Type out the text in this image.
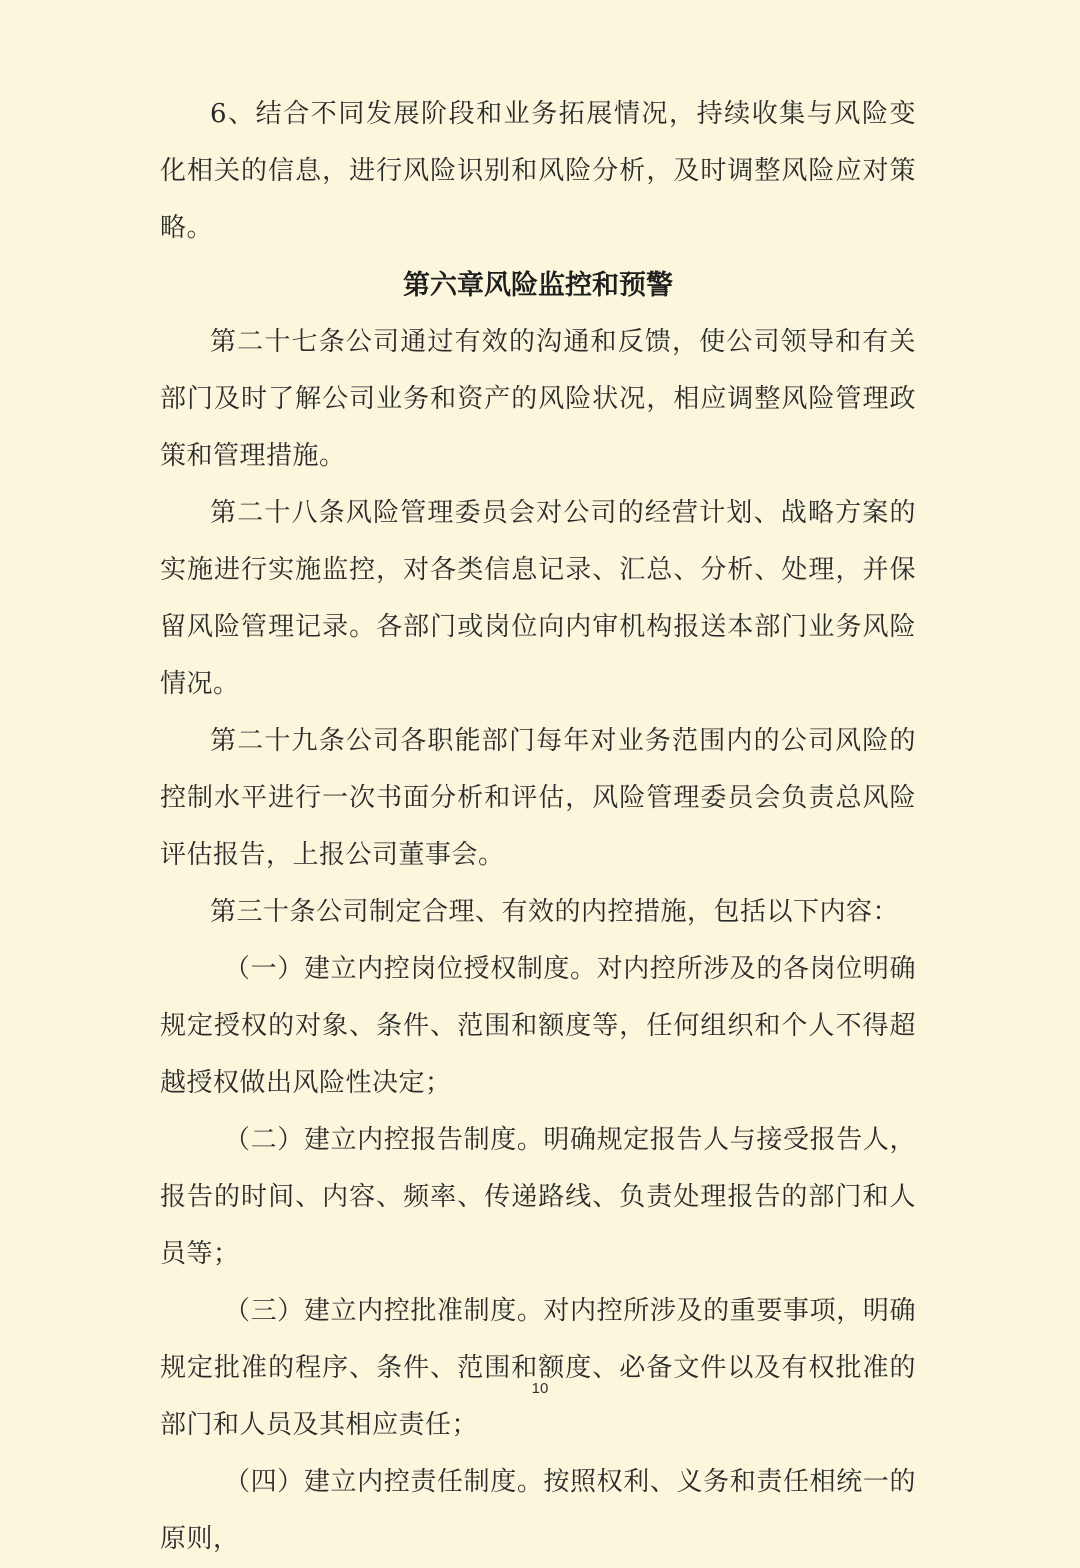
6、结合不同发展阶段和业务拓展情况，持续收集与风险变化相关的信息，进行风险识别和风险分析，及时调整风险应对策略。

第六章风险监控和预警

第二十七条公司通过有效的沟通和反馈，使公司领导和有关部门及时了解公司业务和资产的风险状况，相应调整风险管理政策和管理措施。

第二十八条风险管理委员会对公司的经营计划、战略方案的实施进行实施监控，对各类信息记录、汇总、分析、处理，并保留风险管理记录。各部门或岗位向内审机构报送本部门业务风险情况。

第二十九条公司各职能部门每年对业务范围内的公司风险的控制水平进行一次书面分析和评估，风险管理委员会负责总风险评估报告，上报公司董事会。

第三十条公司制定合理、有效的内控措施，包括以下内容：

（一）建立内控岗位授权制度。对内控所涉及的各岗位明确规定授权的对象、条件、范围和额度等，任何组织和个人不得超越授权做出风险性决定；

（二）建立内控报告制度。明确规定报告人与接受报告人，报告的时间、内容、频率、传递路线、负责处理报告的部门和人员等；

（三）建立内控批准制度。对内控所涉及的重要事项，明确规定批准的程序、条件、范围和额度、必备文件以及有权批准的部门和人员及其相应责任；

（四）建立内控责任制度。按照权利、义务和责任相统一的原则，

10
